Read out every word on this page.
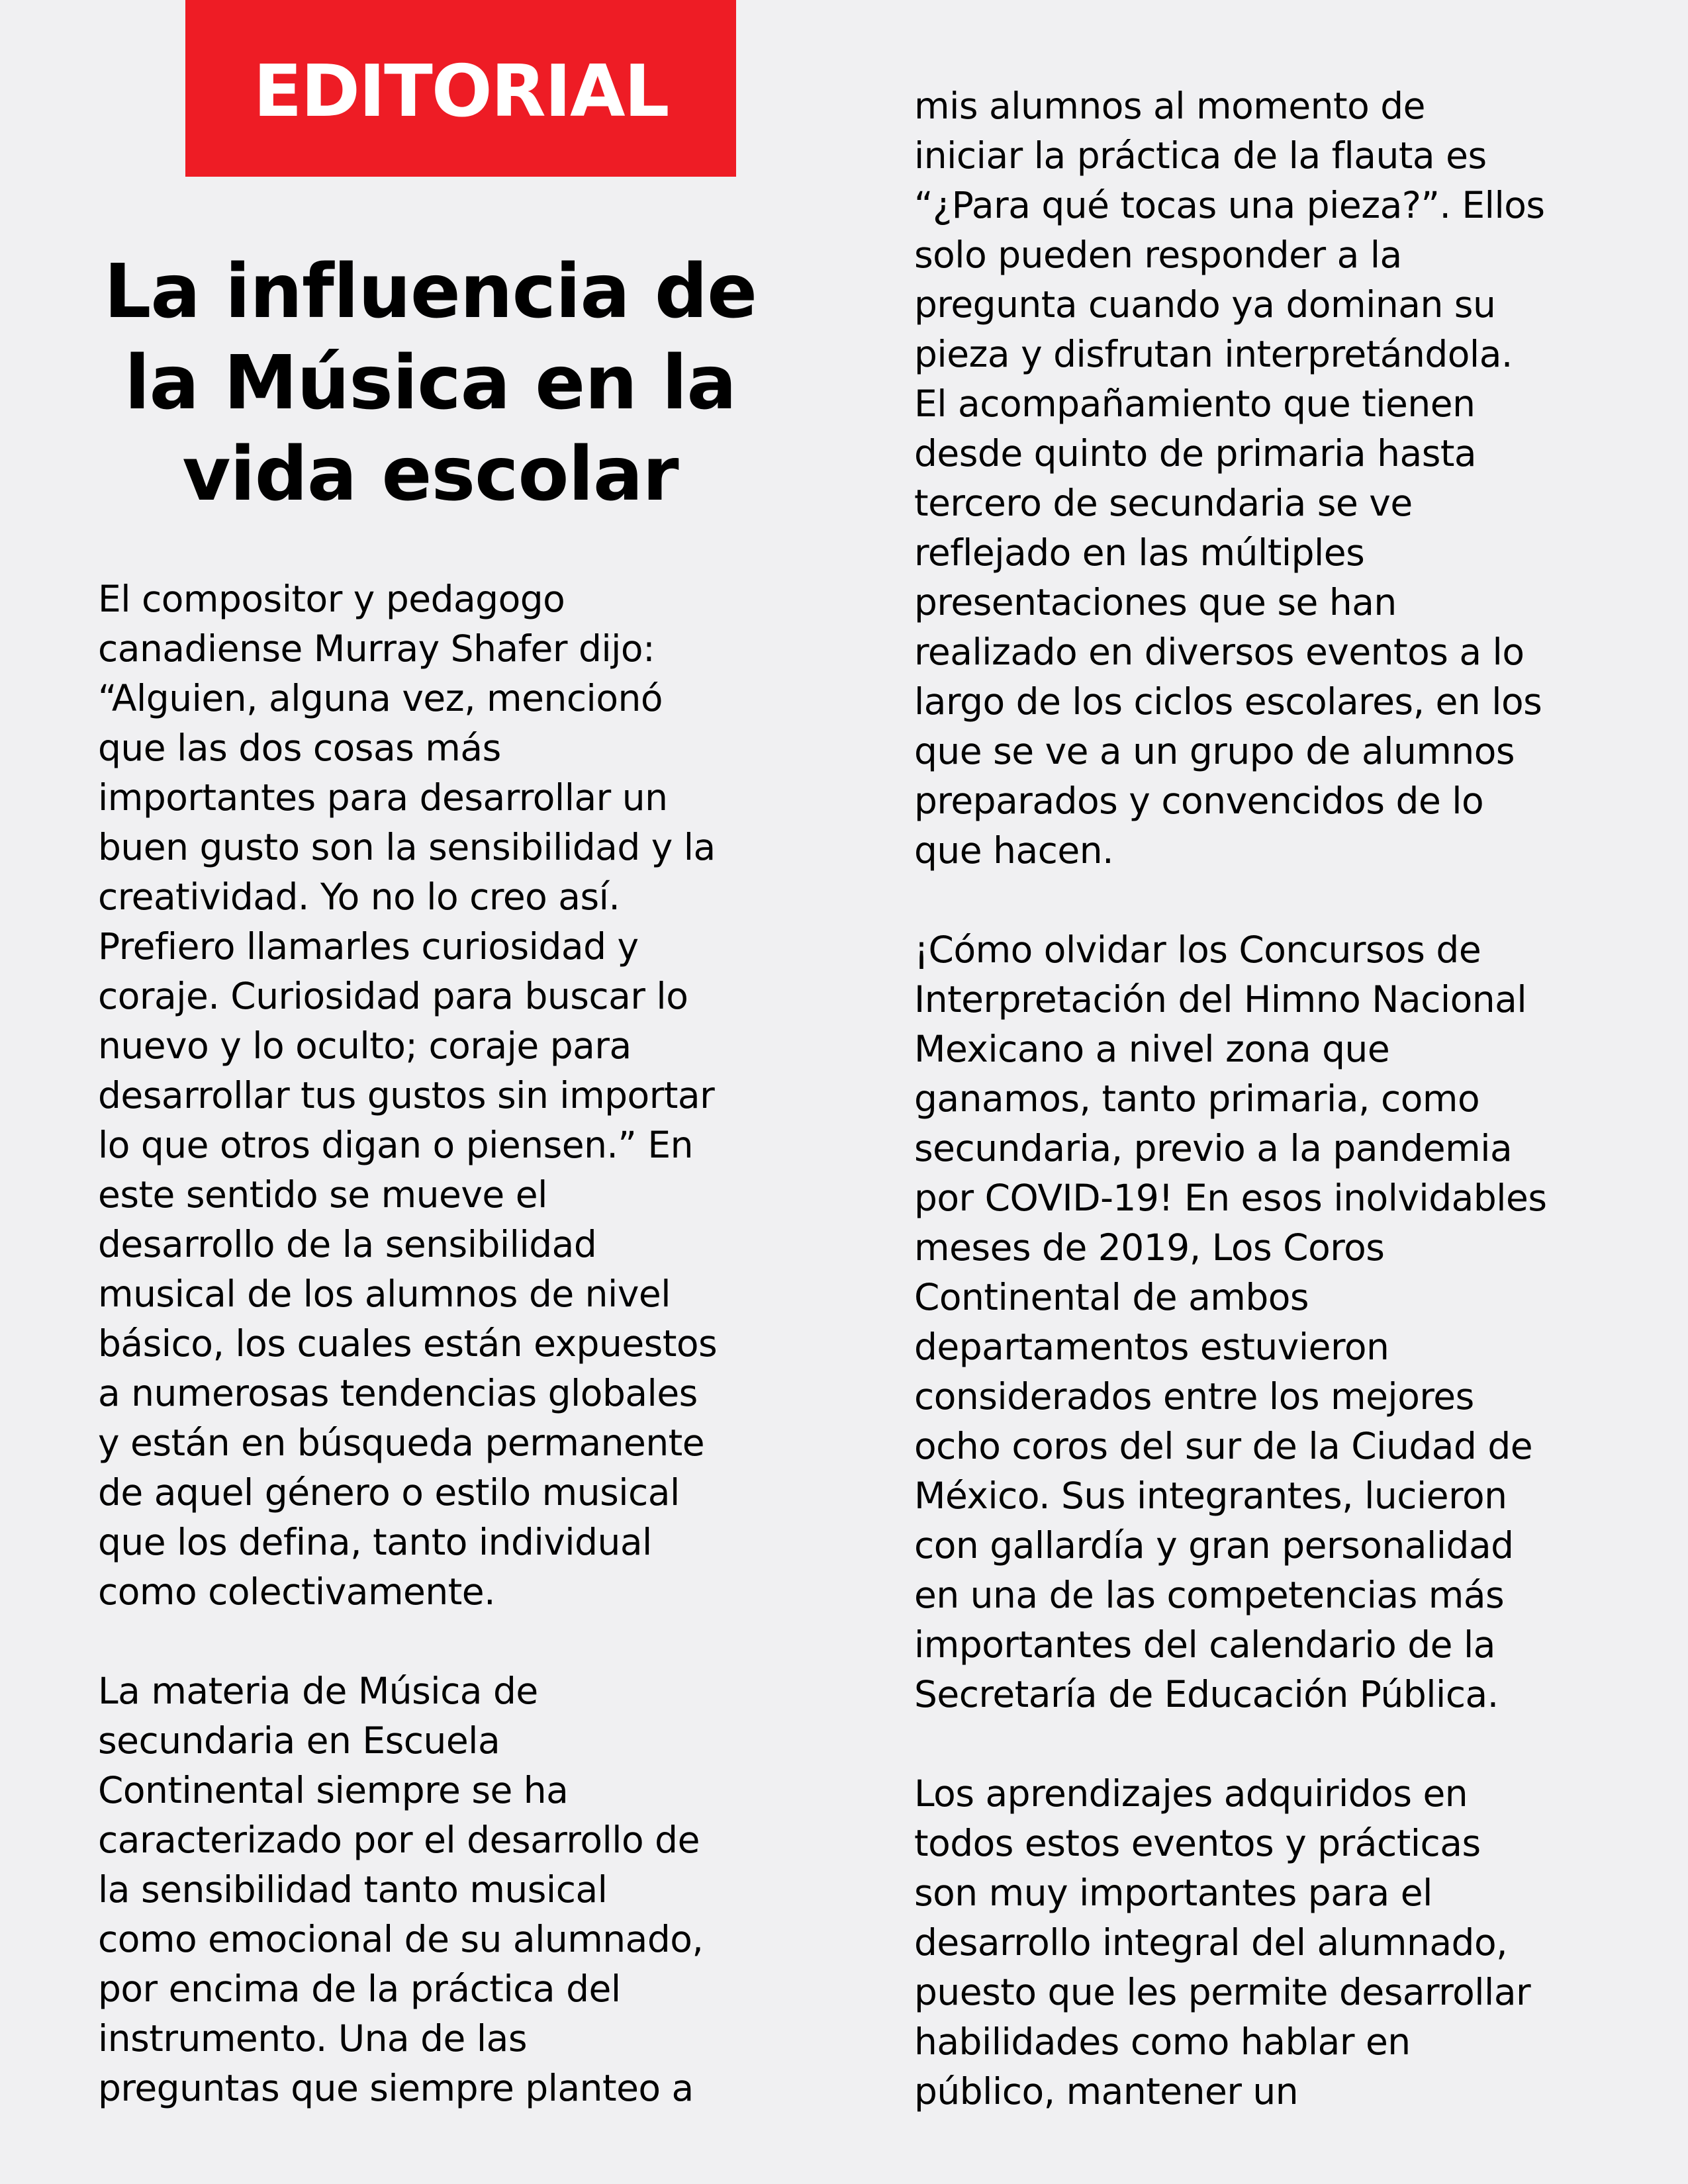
EDITORIAL
La influencia de
la Música en la
vida escolar

El compositor y pedagogo
canadiense Murray Shafer dijo:
“Alguien, alguna vez, mencionó
que las dos cosas más
importantes para desarrollar un
buen gusto son la sensibilidad y la
creatividad. Yo no lo creo así.
Prefiero llamarles curiosidad y
coraje. Curiosidad para buscar lo
nuevo y lo oculto; coraje para
desarrollar tus gustos sin importar
lo que otros digan o piensen.” En
este sentido se mueve el
desarrollo de la sensibilidad
musical de los alumnos de nivel
básico, los cuales están expuestos
a numerosas tendencias globales
y están en búsqueda permanente
de aquel género o estilo musical
que los defina, tanto individual
como colectivamente.

La materia de Música de
secundaria en Escuela
Continental siempre se ha
caracterizado por el desarrollo de
la sensibilidad tanto musical
como emocional de su alumnado,
por encima de la práctica del
instrumento. Una de las
preguntas que siempre planteo a

mis alumnos al momento de
iniciar la práctica de la flauta es
“¿Para qué tocas una pieza?”. Ellos
solo pueden responder a la
pregunta cuando ya dominan su
pieza y disfrutan interpretándola.
El acompañamiento que tienen
desde quinto de primaria hasta
tercero de secundaria se ve
reflejado en las múltiples
presentaciones que se han
realizado en diversos eventos a lo
largo de los ciclos escolares, en los
que se ve a un grupo de alumnos
preparados y convencidos de lo
que hacen.

¡Cómo olvidar los Concursos de
Interpretación del Himno Nacional
Mexicano a nivel zona que
ganamos, tanto primaria, como
secundaria, previo a la pandemia
por COVID-19! En esos inolvidables
meses de 2019, Los Coros
Continental de ambos
departamentos estuvieron
considerados entre los mejores
ocho coros del sur de la Ciudad de
México. Sus integrantes, lucieron
con gallardía y gran personalidad
en una de las competencias más
importantes del calendario de la
Secretaría de Educación Pública.

Los aprendizajes adquiridos en
todos estos eventos y prácticas
son muy importantes para el
desarrollo integral del alumnado,
puesto que les permite desarrollar
habilidades como hablar en
público, mantener un
